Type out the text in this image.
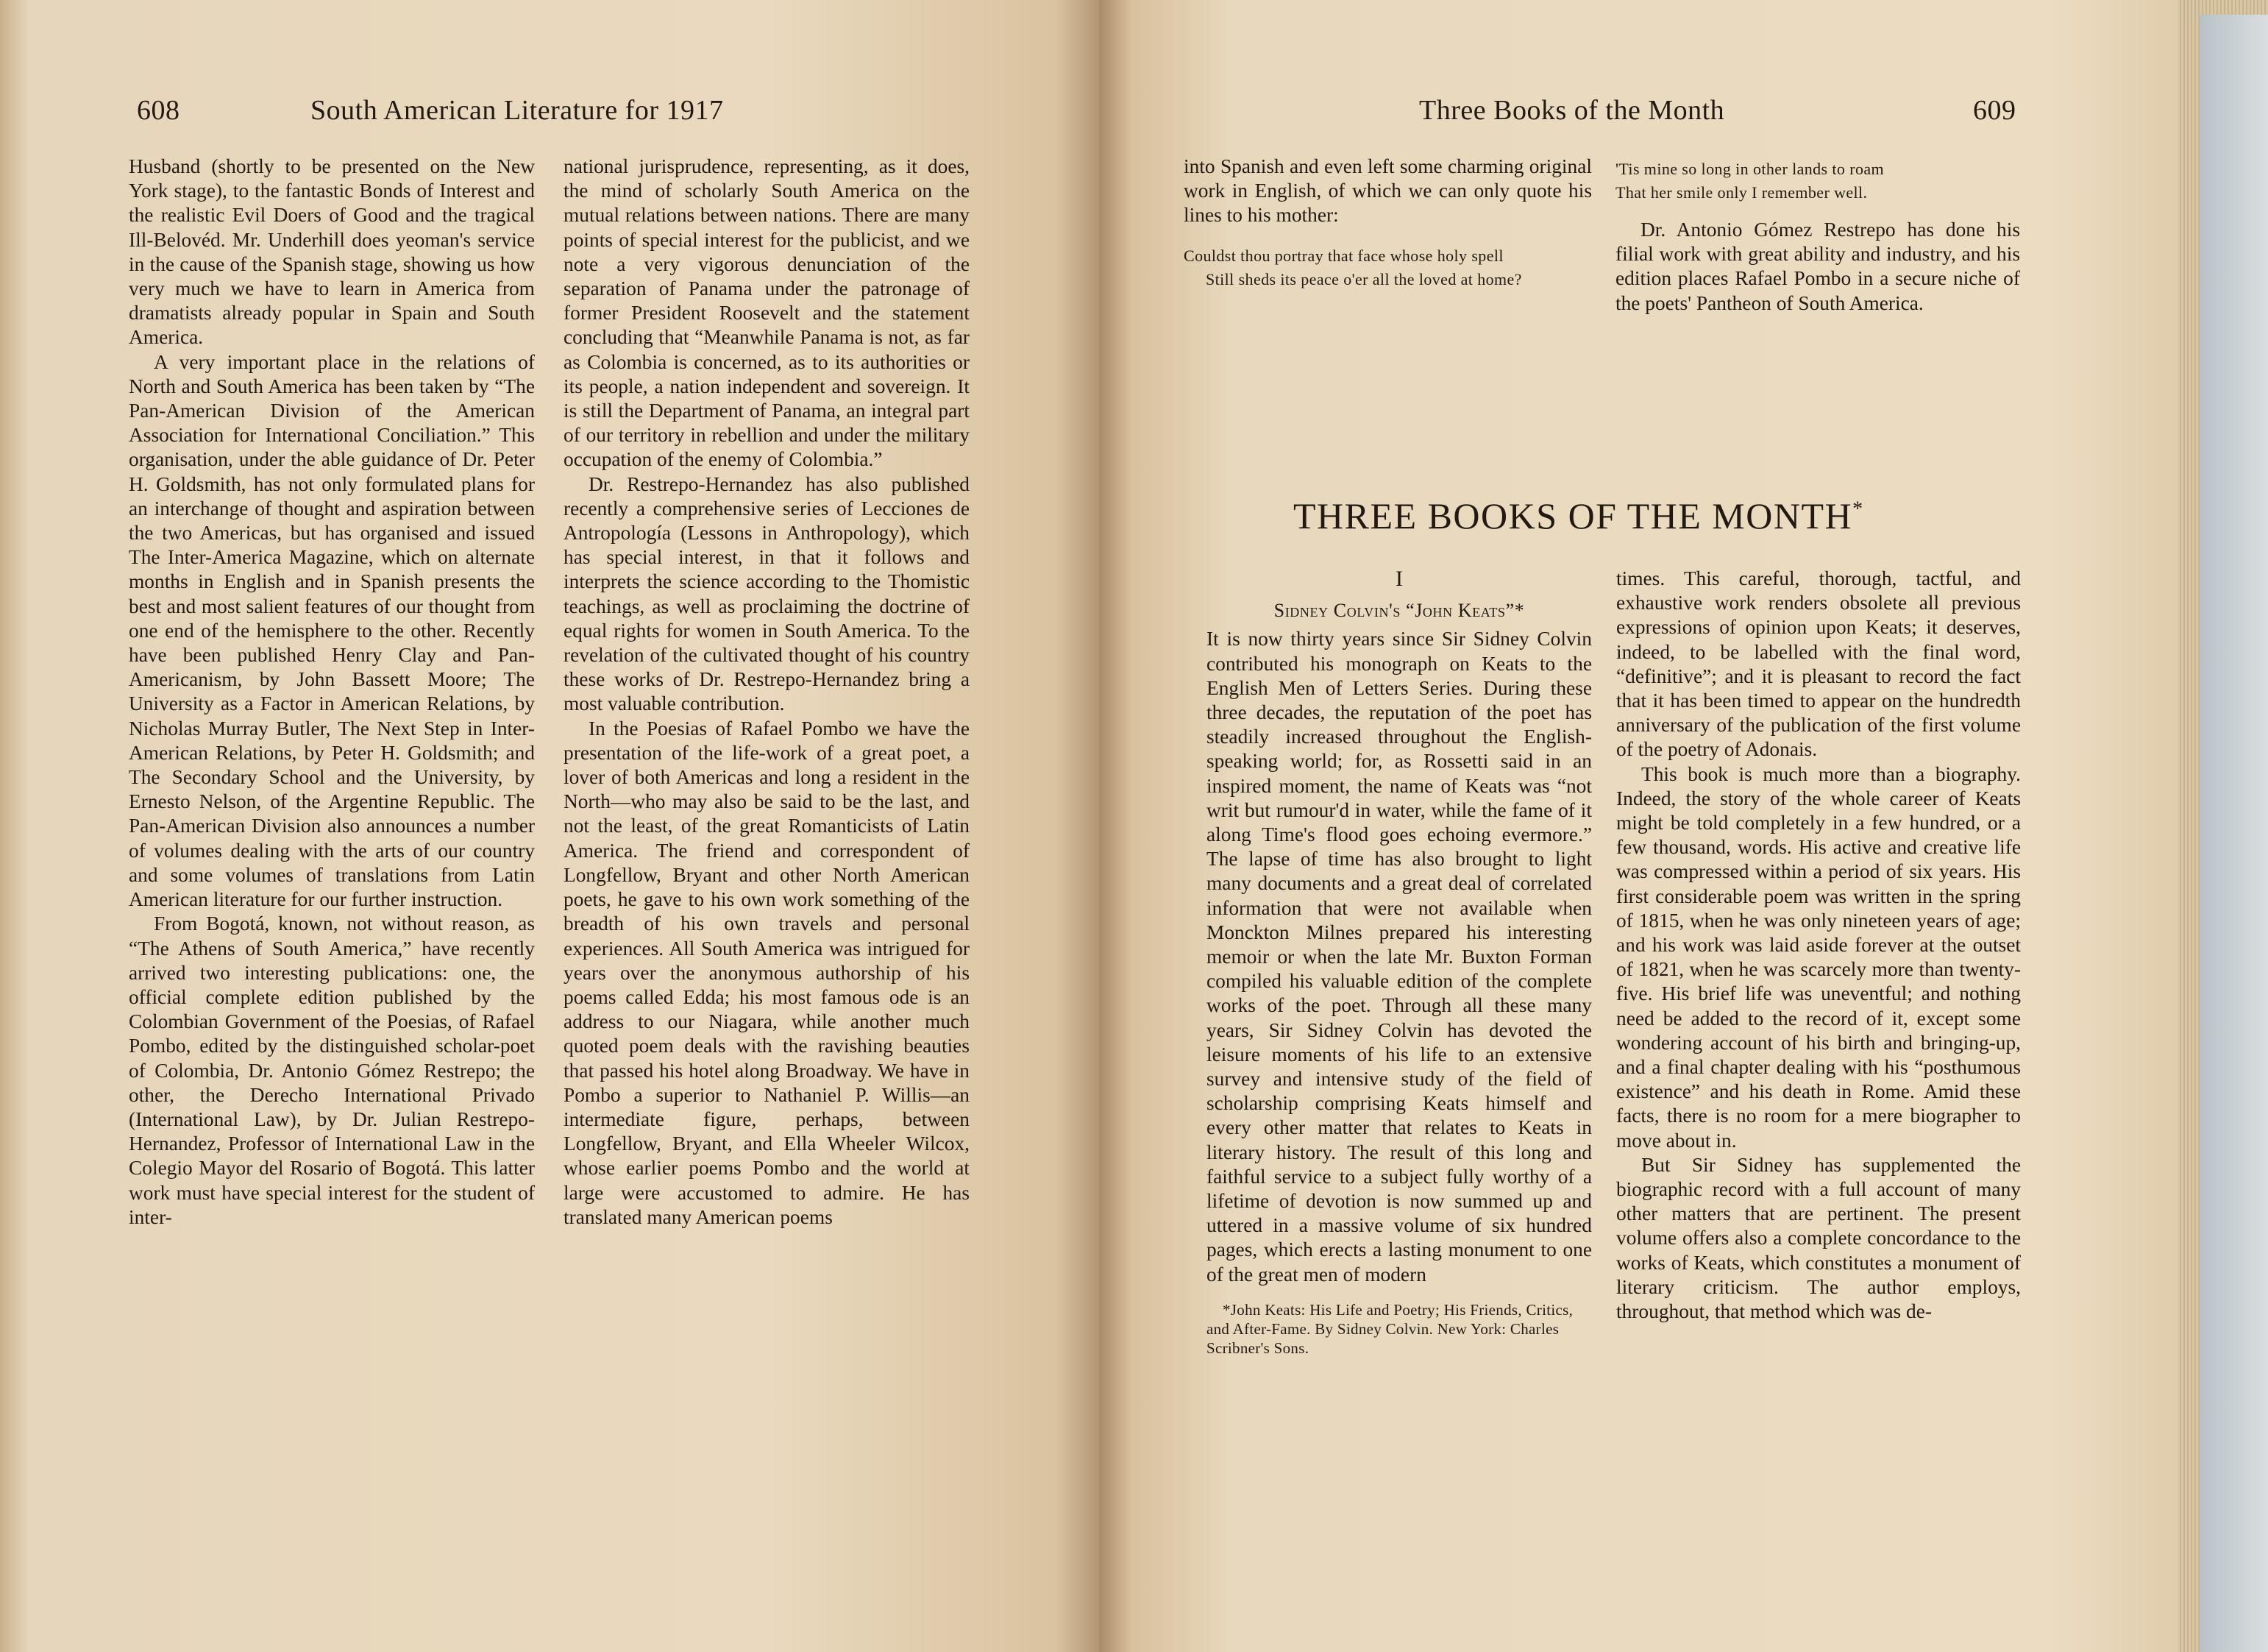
608	South American Literature for 1917

Husband (shortly to be presented on the New York stage), to the fantastic Bonds of Interest and the realistic Evil Doers of Good and the tragical Ill-Belovéd. Mr. Underhill does yeoman's service in the cause of the Spanish stage, showing us how very much we have to learn in America from dramatists already popular in Spain and South America.

A very important place in the relations of North and South America has been taken by “The Pan-American Division of the American Association for International Conciliation.” This organisation, under the able guidance of Dr. Peter H. Goldsmith, has not only formulated plans for an interchange of thought and aspiration between the two Americas, but has organised and issued The Inter-America Magazine, which on alternate months in English and in Spanish presents the best and most salient features of our thought from one end of the hemisphere to the other. Recently have been published Henry Clay and Pan-Americanism, by John Bassett Moore; The University as a Factor in American Relations, by Nicholas Murray Butler, The Next Step in Inter-American Relations, by Peter H. Goldsmith; and The Secondary School and the University, by Ernesto Nelson, of the Argentine Republic. The Pan-American Division also announces a number of volumes dealing with the arts of our country and some volumes of translations from Latin American literature for our further instruction.

From Bogotá, known, not without reason, as “The Athens of South America,” have recently arrived two interesting publications: one, the official complete edition published by the Colombian Government of the Poesias, of Rafael Pombo, edited by the distinguished scholar-poet of Colombia, Dr. Antonio Gómez Restrepo; the other, the Derecho International Privado (International Law), by Dr. Julian Restrepo-Hernandez, Professor of International Law in the Colegio Mayor del Rosario of Bogotá. This latter work must have special interest for the student of inter-

national jurisprudence, representing, as it does, the mind of scholarly South America on the mutual relations between nations. There are many points of special interest for the publicist, and we note a very vigorous denunciation of the separation of Panama under the patronage of former President Roosevelt and the statement concluding that “Meanwhile Panama is not, as far as Colombia is concerned, as to its authorities or its people, a nation independent and sovereign. It is still the Department of Panama, an integral part of our territory in rebellion and under the military occupation of the enemy of Colombia.”

Dr. Restrepo-Hernandez has also published recently a comprehensive series of Lecciones de Antropología (Lessons in Anthropology), which has special interest, in that it follows and interprets the science according to the Thomistic teachings, as well as proclaiming the doctrine of equal rights for women in South America. To the revelation of the cultivated thought of his country these works of Dr. Restrepo-Hernandez bring a most valuable contribution.

In the Poesias of Rafael Pombo we have the presentation of the life-work of a great poet, a lover of both Americas and long a resident in the North—who may also be said to be the last, and not the least, of the great Romanticists of Latin America. The friend and correspondent of Longfellow, Bryant and other North American poets, he gave to his own work something of the breadth of his own travels and personal experiences. All South America was intrigued for years over the anonymous authorship of his poems called Edda; his most famous ode is an address to our Niagara, while another much quoted poem deals with the ravishing beauties that passed his hotel along Broadway. We have in Pombo a superior to Nathaniel P. Willis—an intermediate figure, perhaps, between Longfellow, Bryant, and Ella Wheeler Wilcox, whose earlier poems Pombo and the world at large were accustomed to admire. He has translated many American poems

Three Books of the Month	609

into Spanish and even left some charming original work in English, of which we can only quote his lines to his mother:

Couldst thou portray that face whose holy spell
Still sheds its peace o'er all the loved at home?
'Tis mine so long in other lands to roam
That her smile only I remember well.

Dr. Antonio Gómez Restrepo has done his filial work with great ability and industry, and his edition places Rafael Pombo in a secure niche of the poets' Pantheon of South America.

THREE BOOKS OF THE MONTH*
I
Sidney Colvin's “John Keats”*

It is now thirty years since Sir Sidney Colvin contributed his monograph on Keats to the English Men of Letters Series. During these three decades, the reputation of the poet has steadily increased throughout the English-speaking world; for, as Rossetti said in an inspired moment, the name of Keats was “not writ but rumour'd in water, while the fame of it along Time's flood goes echoing evermore.” The lapse of time has also brought to light many documents and a great deal of correlated information that were not available when Monckton Milnes prepared his interesting memoir or when the late Mr. Buxton Forman compiled his valuable edition of the complete works of the poet. Through all these many years, Sir Sidney Colvin has devoted the leisure moments of his life to an extensive survey and intensive study of the field of scholarship comprising Keats himself and every other matter that relates to Keats in literary history. The result of this long and faithful service to a subject fully worthy of a lifetime of devotion is now summed up and uttered in a massive volume of six hundred pages, which erects a lasting monument to one of the great men of modern

*John Keats: His Life and Poetry; His Friends, Critics, and After-Fame. By Sidney Colvin. New York: Charles Scribner's Sons.

times. This careful, thorough, tactful, and exhaustive work renders obsolete all previous expressions of opinion upon Keats; it deserves, indeed, to be labelled with the final word, “definitive”; and it is pleasant to record the fact that it has been timed to appear on the hundredth anniversary of the publication of the first volume of the poetry of Adonais.

This book is much more than a biography. Indeed, the story of the whole career of Keats might be told completely in a few hundred, or a few thousand, words. His active and creative life was compressed within a period of six years. His first considerable poem was written in the spring of 1815, when he was only nineteen years of age; and his work was laid aside forever at the outset of 1821, when he was scarcely more than twenty-five. His brief life was uneventful; and nothing need be added to the record of it, except some wondering account of his birth and bringing-up, and a final chapter dealing with his “posthumous existence” and his death in Rome. Amid these facts, there is no room for a mere biographer to move about in.

But Sir Sidney has supplemented the biographic record with a full account of many other matters that are pertinent. The present volume offers also a complete concordance to the works of Keats, which constitutes a monument of literary criticism. The author employs, throughout, that method which was de-
